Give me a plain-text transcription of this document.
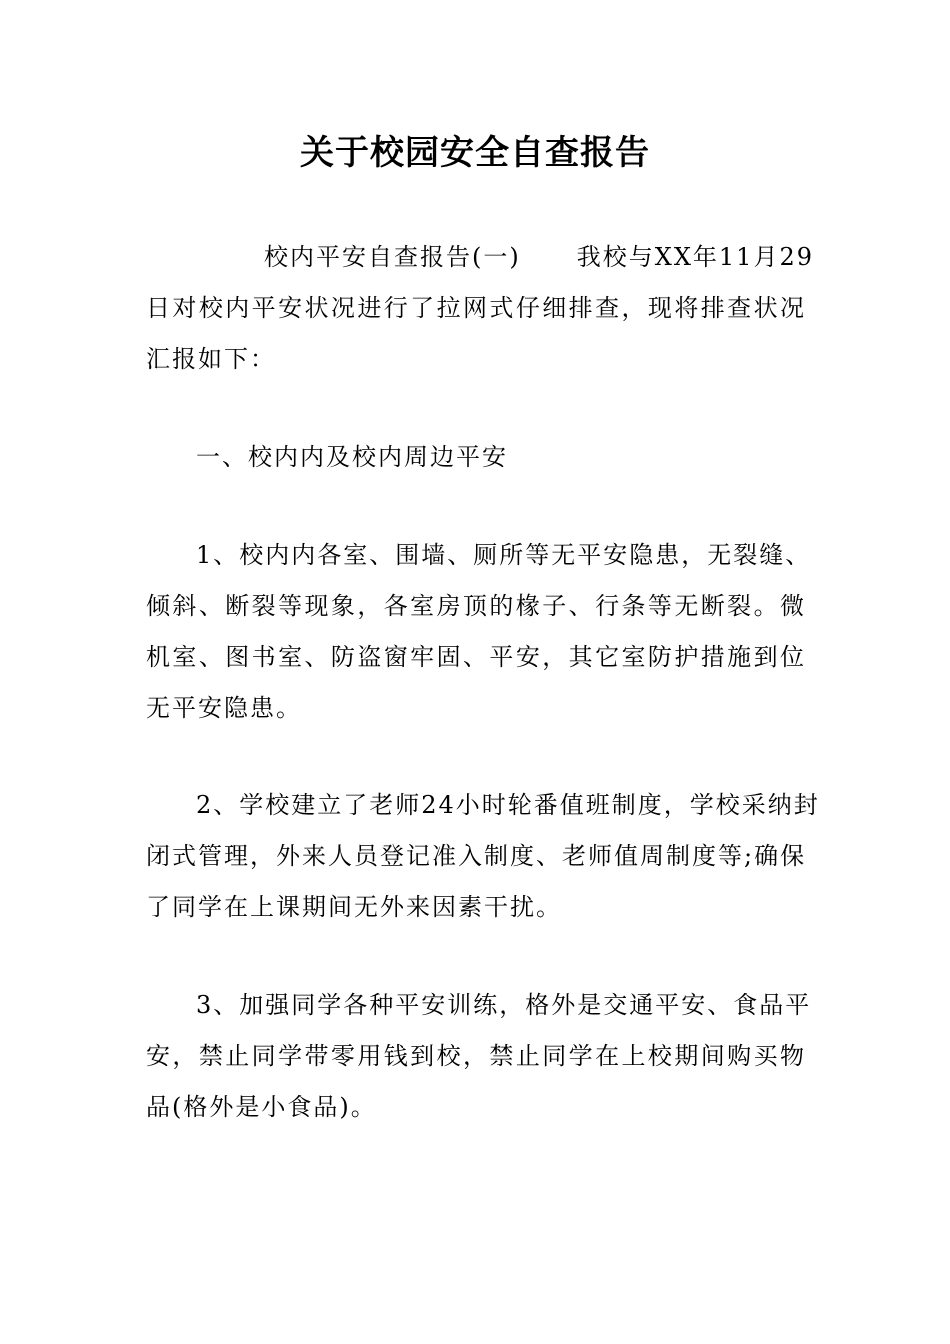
关于校园安全自查报告
校内平安自查报告(一) 我校与XX年11月29
日对校内平安状况进行了拉网式仔细排查，现将排查状况
汇报如下：
一、校内内及校内周边平安
1、校内内各室、围墙、厕所等无平安隐患，无裂缝、
倾斜、断裂等现象，各室房顶的椽子、行条等无断裂。微
机室、图书室、防盗窗牢固、平安，其它室防护措施到位
无平安隐患。
2、学校建立了老师24小时轮番值班制度，学校采纳封
闭式管理，外来人员登记准入制度、老师值周制度等;确保
了同学在上课期间无外来因素干扰。
3、加强同学各种平安训练，格外是交通平安、食品平
安，禁止同学带零用钱到校，禁止同学在上校期间购买物
品(格外是小食品)。
